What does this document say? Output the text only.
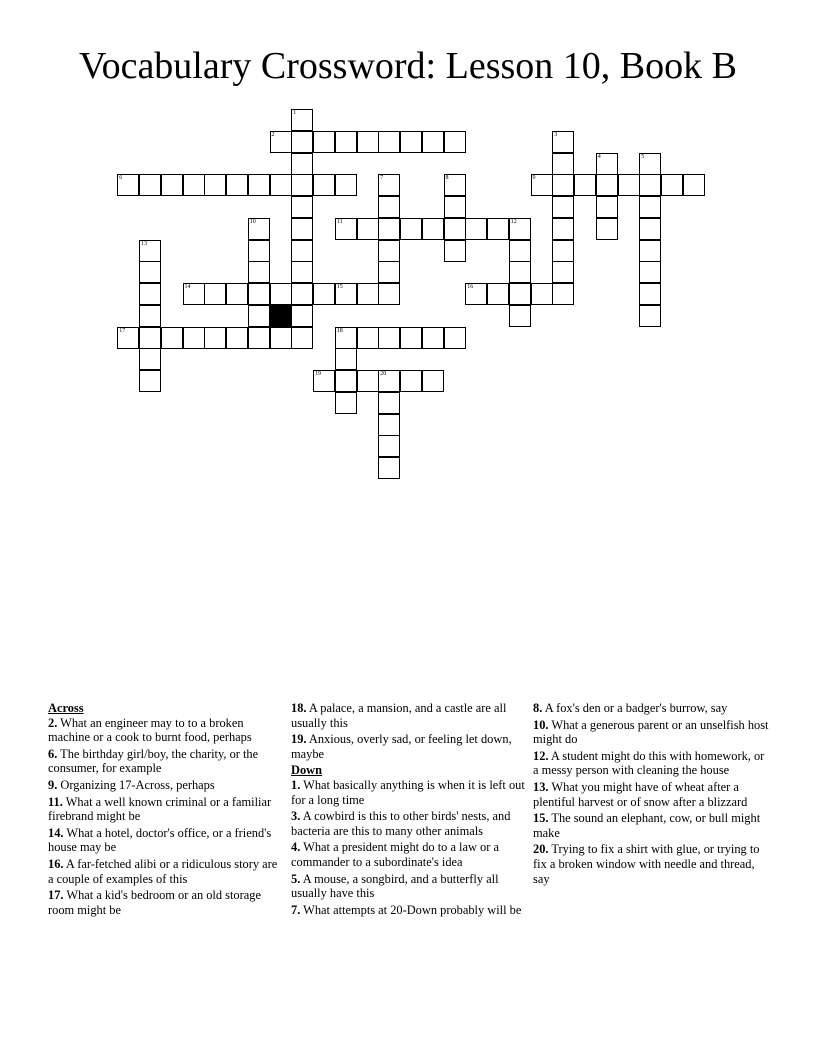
Vocabulary Crossword: Lesson 10, Book B
1
2	3
4	5
6	7	8	9
10	11	12
13
14	15	16
17	18
19	20
Across
2. What an engineer may to to a broken machine or a cook to burnt food, perhaps
6. The birthday girl/boy, the charity, or the consumer, for example
9. Organizing 17-Across, perhaps
11. What a well known criminal or a familiar firebrand might be
14. What a hotel, doctor's office, or a friend's house may be
16. A far-fetched alibi or a ridiculous story are a couple of examples of this
17. What a kid's bedroom or an old storage room might be
18. A palace, a mansion, and a castle are all usually this
19. Anxious, overly sad, or feeling let down, maybe
Down
1. What basically anything is when it is left out for a long time
3. A cowbird is this to other birds' nests, and bacteria are this to many other animals
4. What a president might do to a law or a commander to a subordinate's idea
5. A mouse, a songbird, and a butterfly all usually have this
7. What attempts at 20-Down probably will be
8. A fox's den or a badger's burrow, say
10. What a generous parent or an unselfish host might do
12. A student might do this with homework, or a messy person with cleaning the house
13. What you might have of wheat after a plentiful harvest or of snow after a blizzard
15. The sound an elephant, cow, or bull might make
20. Trying to fix a shirt with glue, or trying to fix a broken window with needle and thread, say
